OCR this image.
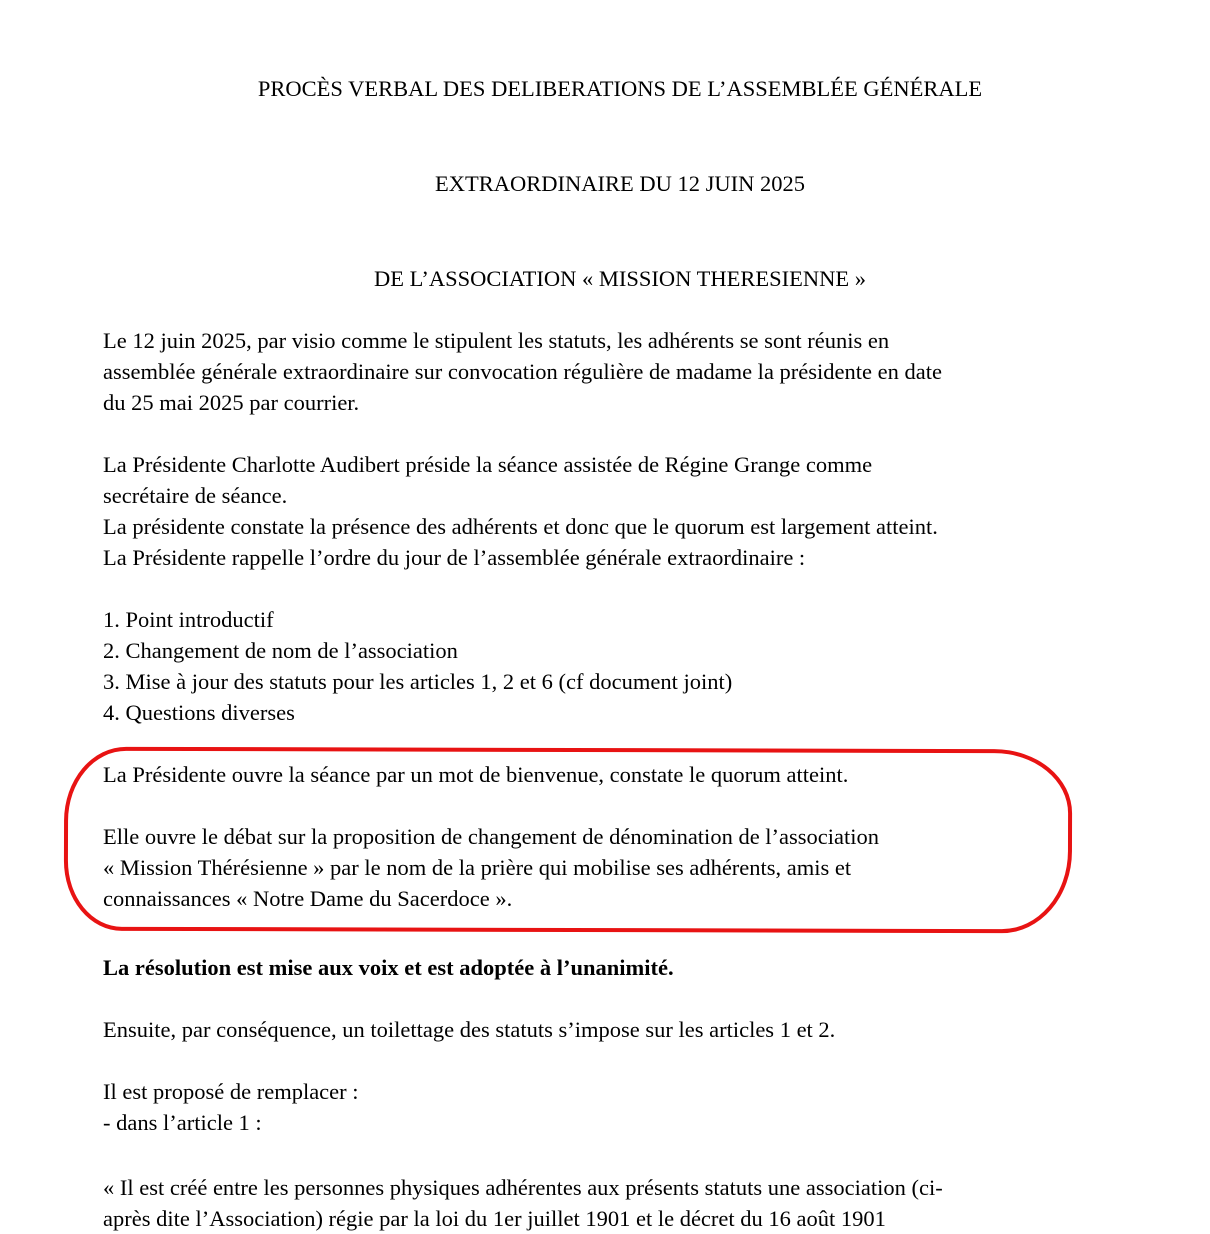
PROCÈS VERBAL DES DELIBERATIONS DE L’ASSEMBLÉE GÉNÉRALE
EXTRAORDINAIRE DU 12 JUIN 2025
DE L’ASSOCIATION « MISSION THERESIENNE »
Le 12 juin 2025, par visio comme le stipulent les statuts, les adhérents se sont réunis en
assemblée générale extraordinaire sur convocation régulière de madame la présidente en date
du 25 mai 2025 par courrier.
La Présidente Charlotte Audibert préside la séance assistée de Régine Grange comme
secrétaire de séance.
La présidente constate la présence des adhérents et donc que le quorum est largement atteint.
La Présidente rappelle l’ordre du jour de l’assemblée générale extraordinaire :
1. Point introductif
2. Changement de nom de l’association
3. Mise à jour des statuts pour les articles 1, 2 et 6 (cf document joint)
4. Questions diverses
La Présidente ouvre la séance par un mot de bienvenue, constate le quorum atteint.
Elle ouvre le débat sur la proposition de changement de dénomination de l’association
« Mission Thérésienne » par le nom de la prière qui mobilise ses adhérents, amis et
connaissances « Notre Dame du Sacerdoce ».
La résolution est mise aux voix et est adoptée à l’unanimité.
Ensuite, par conséquence, un toilettage des statuts s’impose sur les articles 1 et 2.
Il est proposé de remplacer :
- dans l’article 1 :
« Il est créé entre les personnes physiques adhérentes aux présents statuts une association (ci-
après dite l’Association) régie par la loi du 1er juillet 1901 et le décret du 16 août 1901
